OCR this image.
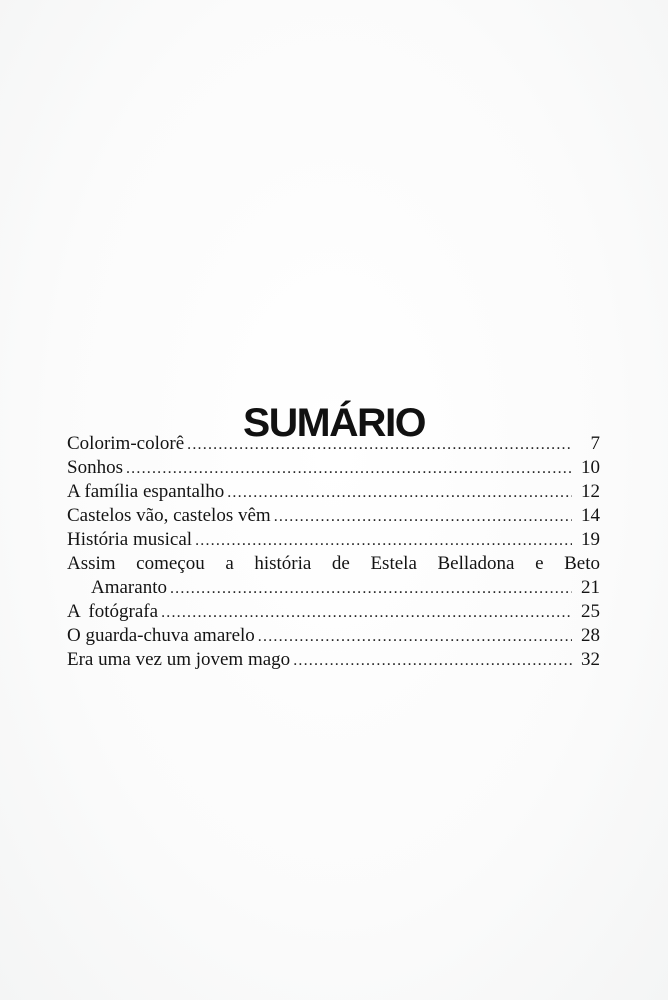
SUMÁRIO
Colorim-colorê .....	7
Sonhos .....	10
A família espantalho .....	12
Castelos vão, castelos vêm .....	14
História musical .....	19
Assim começou a história de Estela Belladona e Beto
Amaranto .....	21
A fotógrafa .....	25
O guarda-chuva amarelo .....	28
Era uma vez um jovem mago .....	32
